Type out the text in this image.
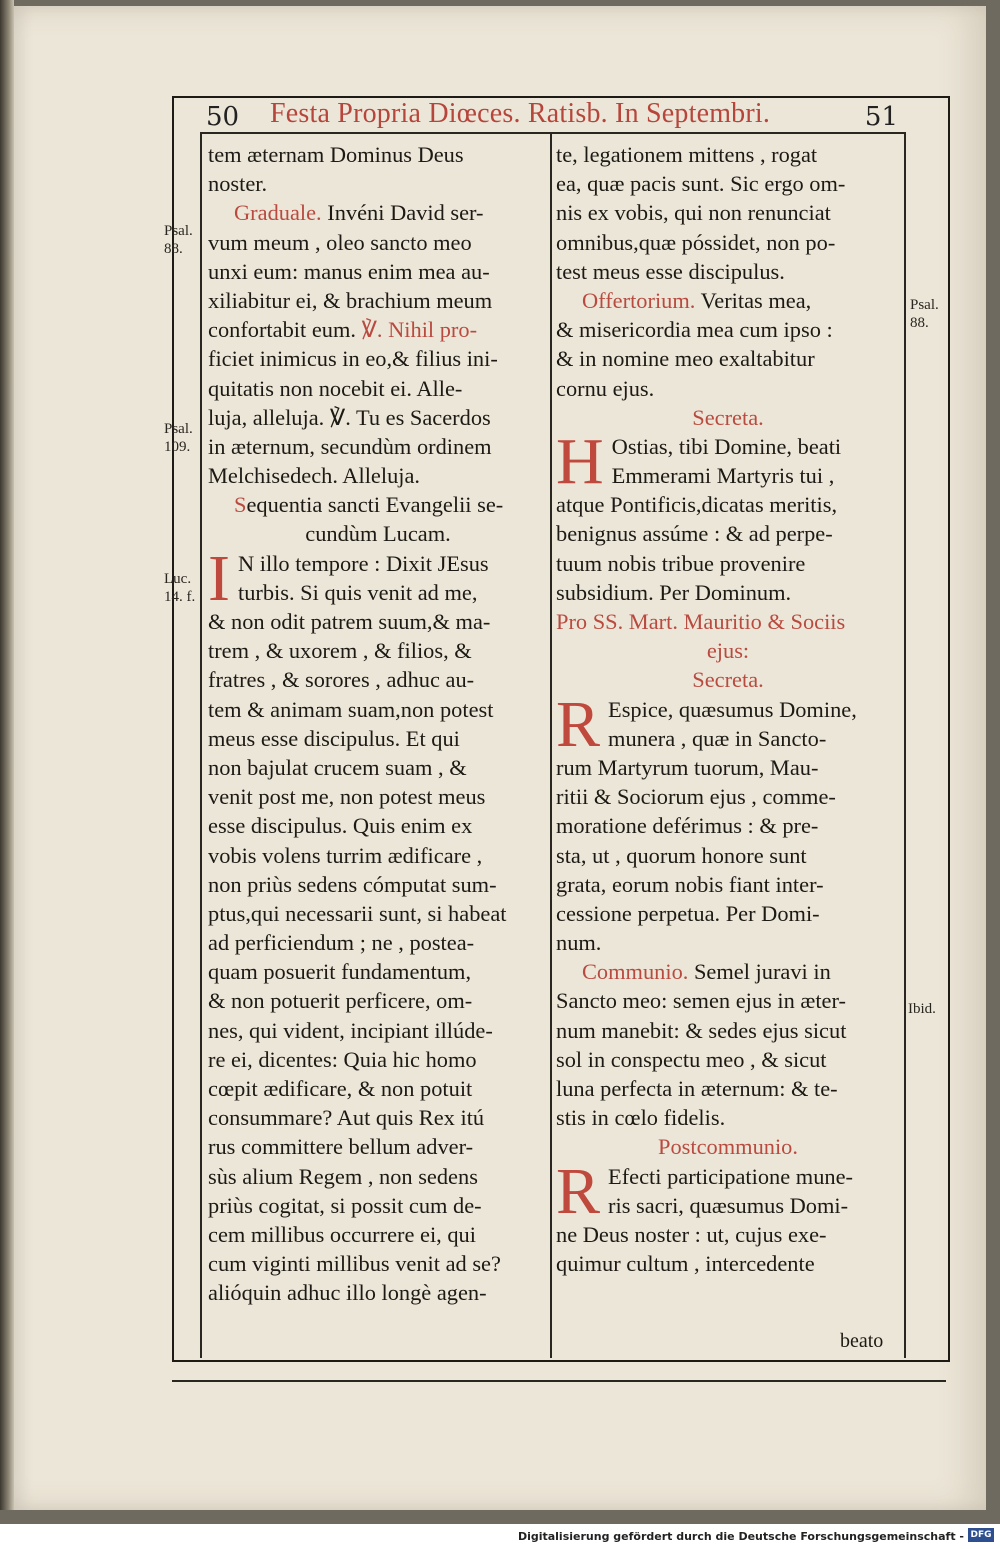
50 Festa Propria Diœces. Ratisb. In Septembri.	51
Psal. 88.
Psal. 109.
Luc. 14. f.
Psal. 88.
Ibid.
tem æternam Dominus Deus
noster.
Graduale. Invéni David ser-
vum meum , oleo sancto meo
unxi eum: manus enim mea au-
xiliabitur ei, & brachium meum
confortabit eum. ℣. Nihil pro-
ficiet inimicus in eo,& filius ini-
quitatis non nocebit ei. Alle-
luja, alleluja. ℣. Tu es Sacerdos
in æternum, secundùm ordinem
Melchisedech. Alleluja.
Sequentia sancti Evangelii se-
cundùm Lucam.
I N illo tempore : Dixit JEsus
turbis. Si quis venit ad me,
& non odit patrem suum,& ma-
trem , & uxorem , & filios, &
fratres , & sorores , adhuc au-
tem & animam suam,non potest
meus esse discipulus. Et qui
non bajulat crucem suam , &
venit post me, non potest meus
esse discipulus. Quis enim ex
vobis volens turrim ædificare ,
non priùs sedens cómputat sum-
ptus,qui necessarii sunt, si habeat
ad perficiendum ; ne , postea-
quam posuerit fundamentum,
& non potuerit perficere, om-
nes, qui vident, incipiant illúde-
re ei, dicentes: Quia hic homo
cœpit ædificare, & non potuit
consummare? Aut quis Rex itú
rus committere bellum adver-
sùs alium Regem , non sedens
priùs cogitat, si possit cum de-
cem millibus occurrere ei, qui
cum viginti millibus venit ad se?
alióquin adhuc illo longè agen-
te, legationem mittens , rogat
ea, quæ pacis sunt. Sic ergo om-
nis ex vobis, qui non renunciat
omnibus,quæ póssidet, non po-
test meus esse discipulus.
Offertorium. Veritas mea,
& misericordia mea cum ipso :
& in nomine meo exaltabitur
cornu ejus.
Secreta.
H Ostias, tibi Domine, beati
Emmerami Martyris tui ,
atque Pontificis,dicatas meritis,
benignus assúme : & ad perpe-
tuum nobis tribue provenire
subsidium. Per Dominum.
Pro SS. Mart. Mauritio & Sociis
ejus:
Secreta.
R Espice, quæsumus Domine,
munera , quæ in Sancto-
rum Martyrum tuorum, Mau-
ritii & Sociorum ejus , comme-
moratione deférimus : & pre-
sta, ut , quorum honore sunt
grata, eorum nobis fiant inter-
cessione perpetua. Per Domi-
num.
Communio. Semel juravi in
Sancto meo: semen ejus in æter-
num manebit: & sedes ejus sicut
sol in conspectu meo , & sicut
luna perfecta in æternum: & te-
stis in cœlo fidelis.
Postcommunio.
R Efecti participatione mune-
ris sacri, quæsumus Domi-
ne Deus noster : ut, cujus exe-
quimur cultum , intercedente
beato
Digitalisierung gefördert durch die Deutsche Forschungsgemeinschaft - DFG
